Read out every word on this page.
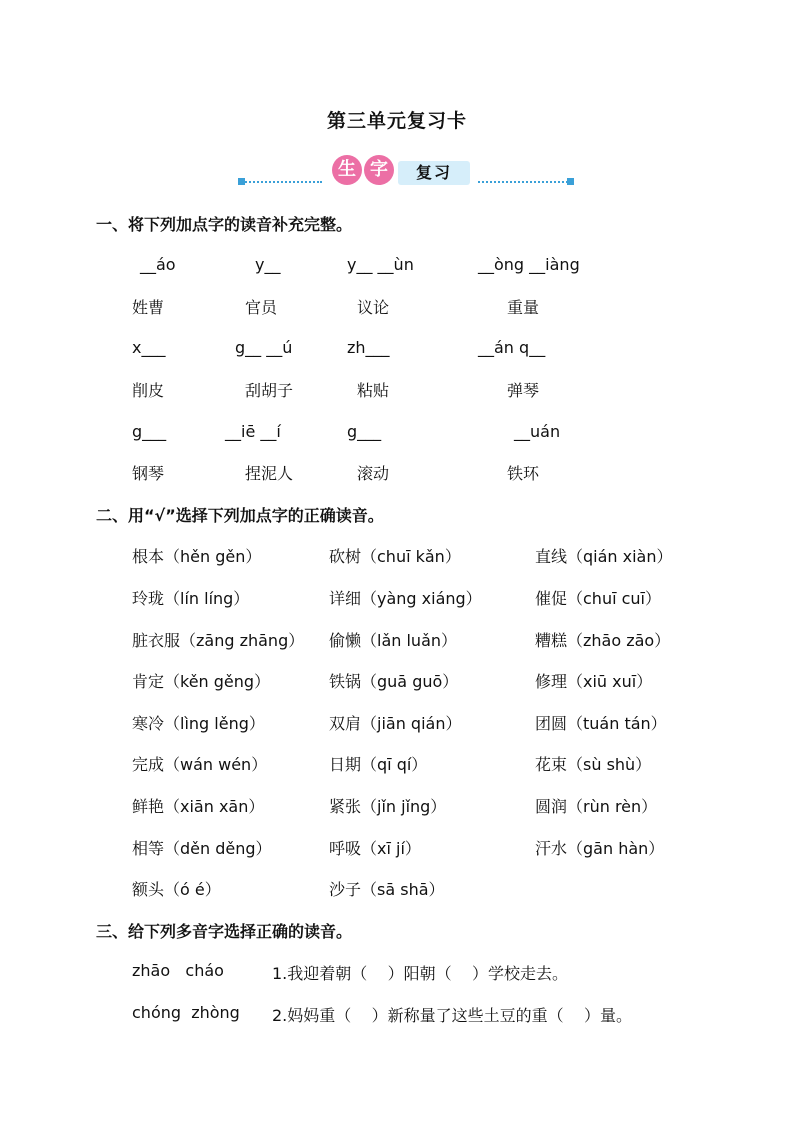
第三单元复习卡
生 字	复习
一、将下列加点字的读音补充完整。
__áo	y__	y__ __ùn	__òng __iàng
姓曹	官员	议论	重量
x___	g__ __ú	zh___	__án q__
削皮	刮胡子	粘贴	弹琴
g___	__iē __í	g___	__uán
钢琴	捏泥人	滚动	铁环
二、用“√”选择下列加点字的正确读音。
根本（hěn gěn）	砍树（chuī kǎn）	直线（qián xiàn）
玲珑（lín líng）	详细（yàng xiáng）	催促（chuī cuī）
脏衣服（zāng zhāng） 偷懒（lǎn luǎn）	糟糕（zhāo zāo）
肯定（kěn gěng）	铁锅（guā guō）	修理（xiū xuī）
寒冷（lìng lěng）	双肩（jiān qián）	团圆（tuán tán）
完成（wán wén）	日期（qī qí）	花束（sù shù）
鲜艳（xiān xān）	紧张（jǐn jǐng）	圆润（rùn rèn）
相等（děn děng）	呼吸（xī jí）	汗水（gān hàn）
额头（ó é）	沙子（sā shā）
三、给下列多音字选择正确的读音。
zhāo   cháo	1.我迎着朝（    ）阳朝（    ）学校走去。
chóng  zhòng 2.妈妈重（    ）新称量了这些土豆的重（    ）量。
